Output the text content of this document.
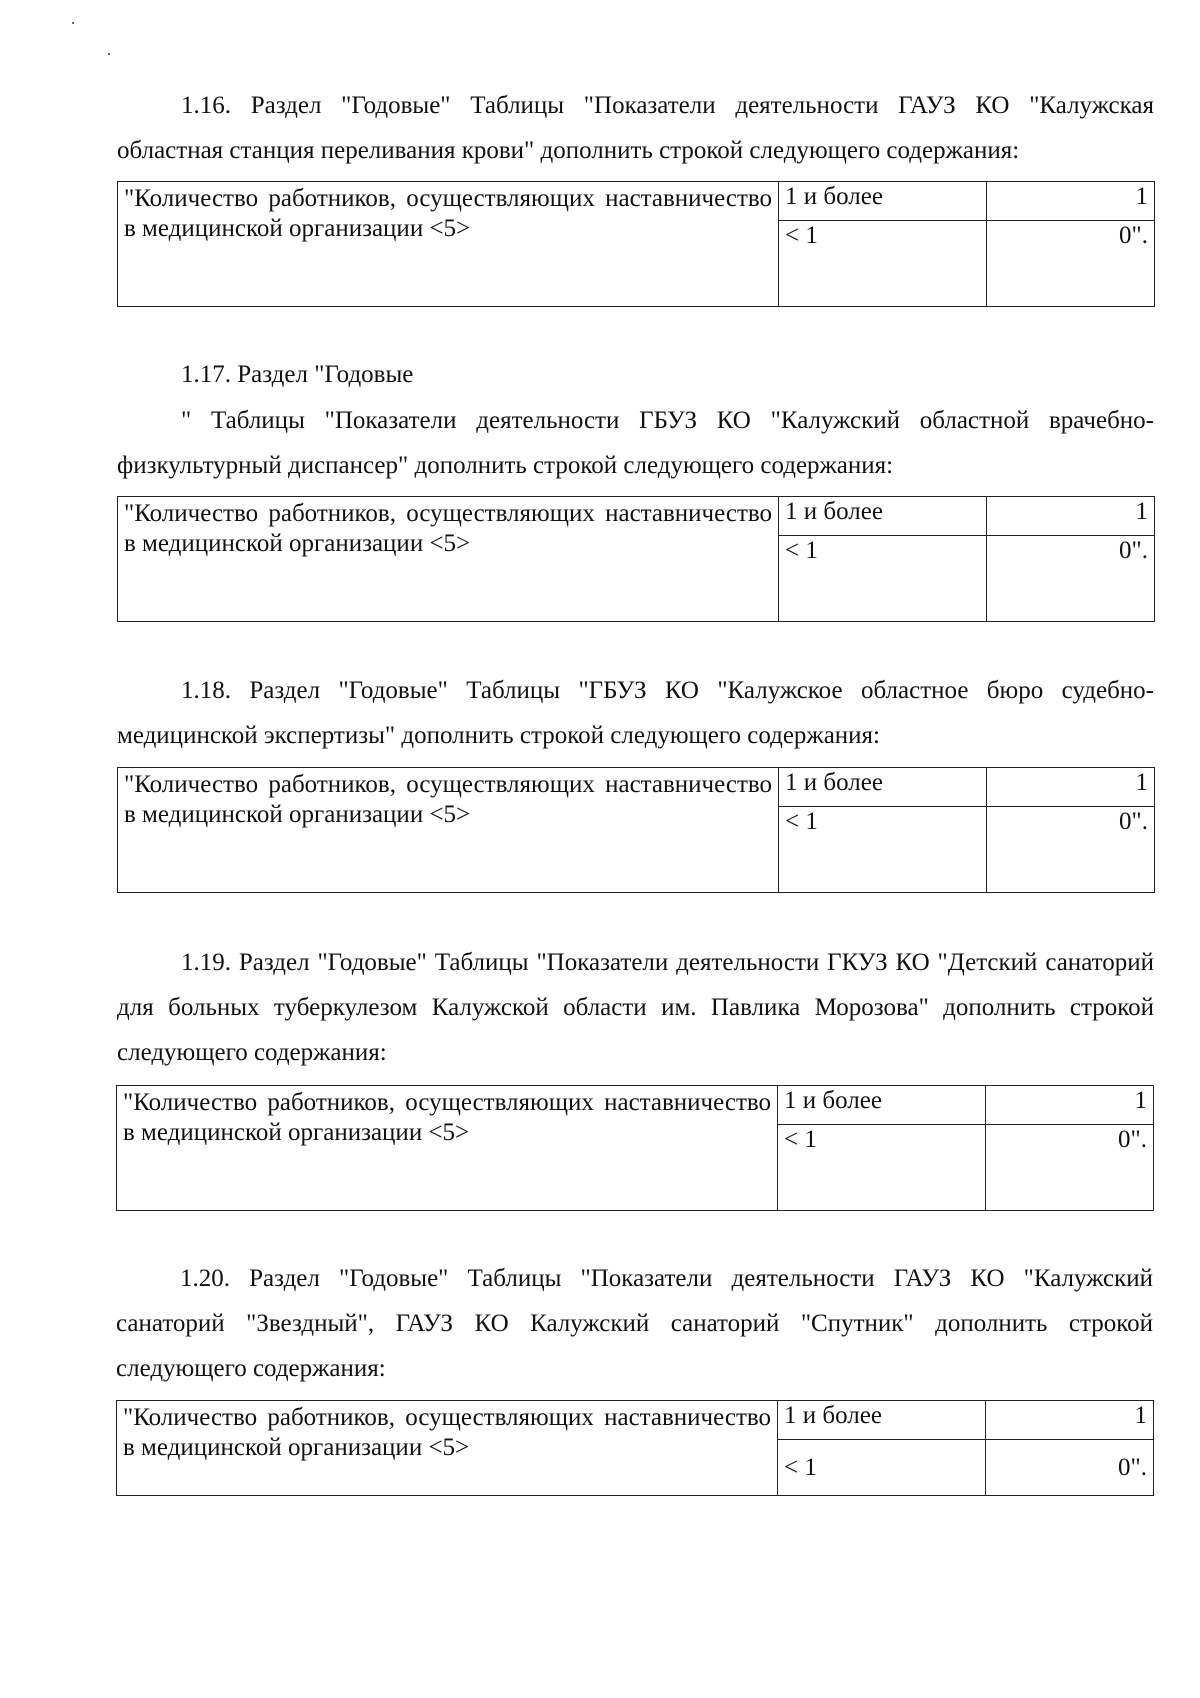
1.16. Раздел "Годовые" Таблицы "Показатели деятельности ГАУЗ КО "Калужская областная станция переливания крови" дополнить строкой следующего содержания:

"Количество работников, осуществляющих наставничество в медицинской организации <5>	1 и более	1
	< 1	0".

1.17. Раздел "Годовые

" Таблицы "Показатели деятельности ГБУЗ КО "Калужский областной врачебно-физкультурный диспансер" дополнить строкой следующего содержания:

"Количество работников, осуществляющих наставничество в медицинской организации <5>	1 и более	1
	< 1	0".

1.18. Раздел "Годовые" Таблицы "ГБУЗ КО "Калужское областное бюро судебно-медицинской экспертизы" дополнить строкой следующего содержания:

"Количество работников, осуществляющих наставничество в медицинской организации <5>	1 и более	1
	< 1	0".

1.19. Раздел "Годовые" Таблицы "Показатели деятельности ГКУЗ КО "Детский санаторий для больных туберкулезом Калужской области им. Павлика Морозова" дополнить строкой следующего содержания:

"Количество работников, осуществляющих наставничество в медицинской организации <5>	1 и более	1
	< 1	0".

1.20. Раздел "Годовые" Таблицы "Показатели деятельности ГАУЗ КО "Калужский санаторий "Звездный", ГАУЗ КО Калужский санаторий "Спутник" дополнить строкой следующего содержания:

"Количество работников, осуществляющих наставничество в медицинской организации <5>	1 и более	1
	< 1	0".
